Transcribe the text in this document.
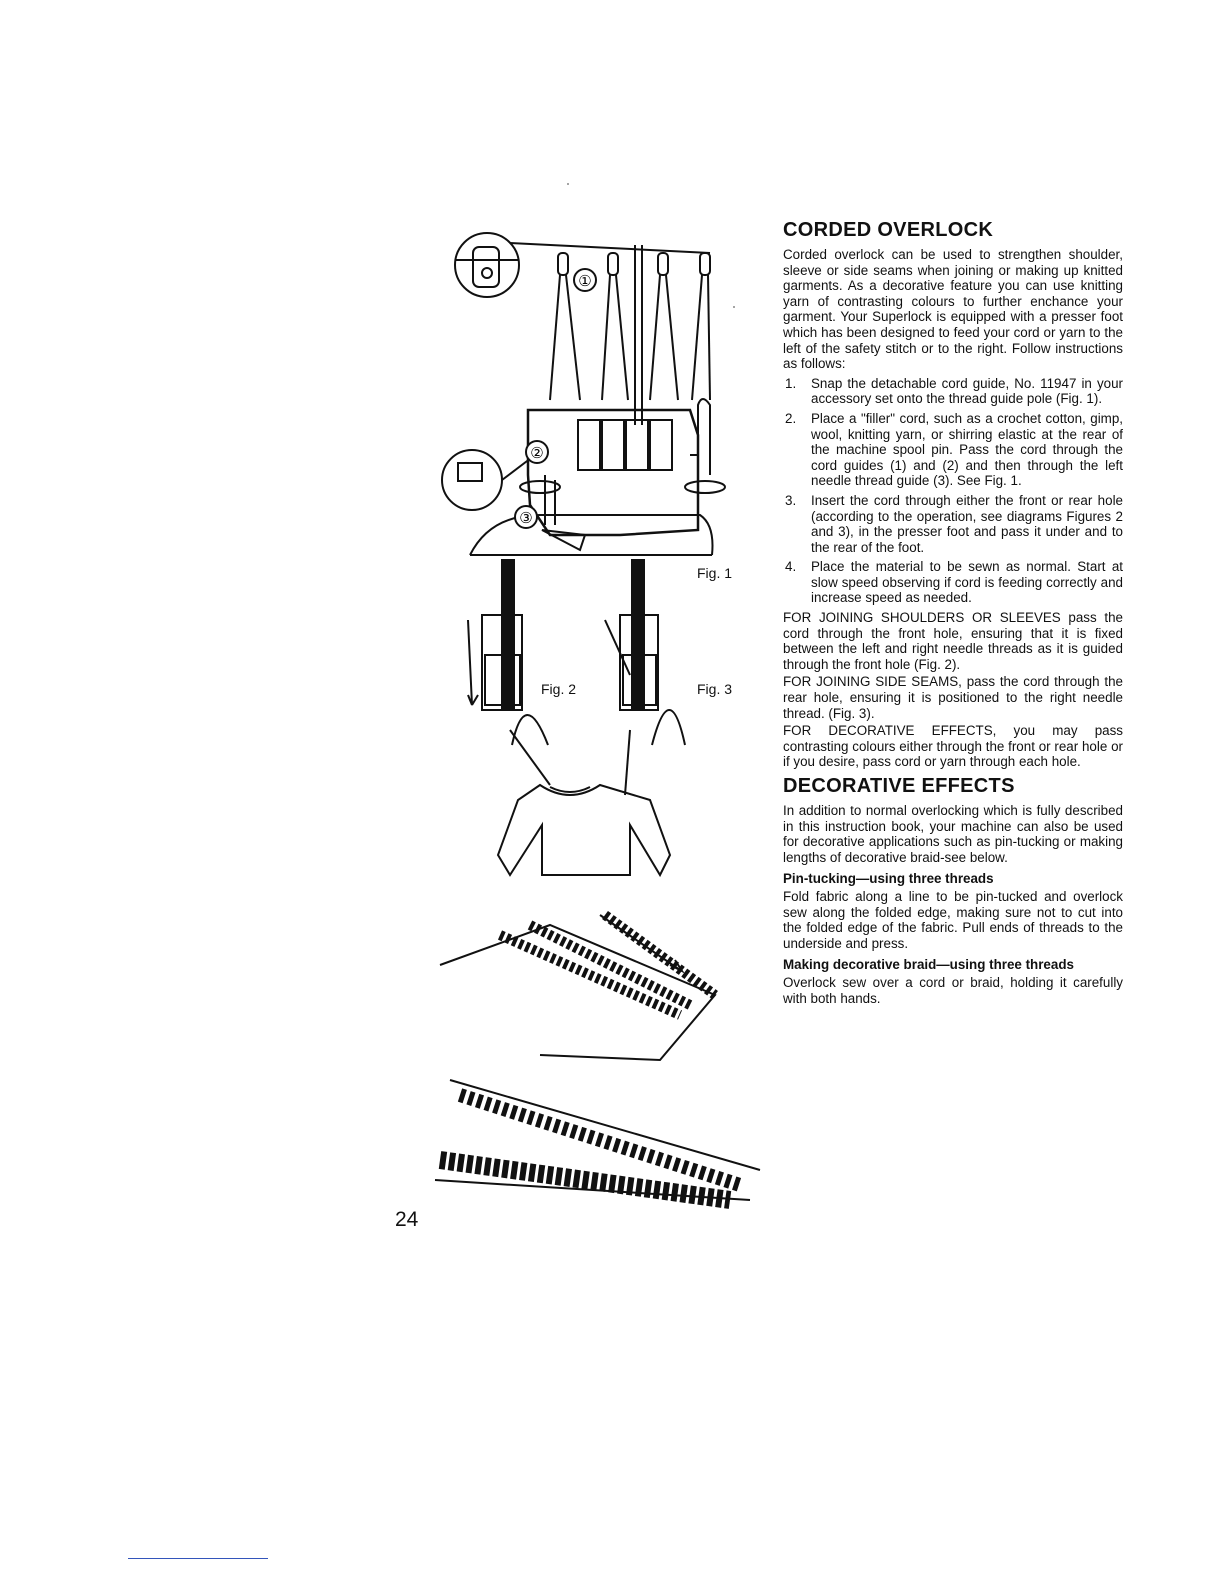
①
②
③
Fig. 1
Fig. 2	Fig. 3
24
CORDED OVERLOCK

Corded overlock can be used to strengthen shoulder, sleeve or side seams when joining or making up knitted garments. As a decorative feature you can use knitting yarn of contrasting colours to further enchance your garment. Your Superlock is equipped with a presser foot which has been designed to feed your cord or yarn to the left of the safety stitch or to the right. Follow instructions as follows:

1. Snap the detachable cord guide, No. 11947 in your accessory set onto the thread guide pole (Fig. 1).
2. Place a "filler" cord, such as a crochet cotton, gimp, wool, knitting yarn, or shirring elastic at the rear of the machine spool pin. Pass the cord through the cord guides (1) and (2) and then through the left needle thread guide (3). See Fig. 1.
3. Insert the cord through either the front or rear hole (according to the operation, see diagrams Figures 2 and 3), in the presser foot and pass it under and to the rear of the foot.
4. Place the material to be sewn as normal. Start at slow speed observing if cord is feeding correctly and increase speed as needed.

FOR JOINING SHOULDERS OR SLEEVES pass the cord through the front hole, ensuring that it is fixed between the left and right needle threads as it is guided through the front hole (Fig. 2).

FOR JOINING SIDE SEAMS, pass the cord through the rear hole, ensuring it is positioned to the right needle thread. (Fig. 3).

FOR DECORATIVE EFFECTS, you may pass contrasting colours either through the front or rear hole or if you desire, pass cord or yarn through each hole.

DECORATIVE EFFECTS

In addition to normal overlocking which is fully described in this instruction book, your machine can also be used for decorative applications such as pin-tucking or making lengths of decorative braid-see below.

Pin-tucking—using three threads

Fold fabric along a line to be pin-tucked and overlock sew along the folded edge, making sure not to cut into the folded edge of the fabric. Pull ends of threads to the underside and press.

Making decorative braid—using three threads

Overlock sew over a cord or braid, holding it carefully with both hands.
